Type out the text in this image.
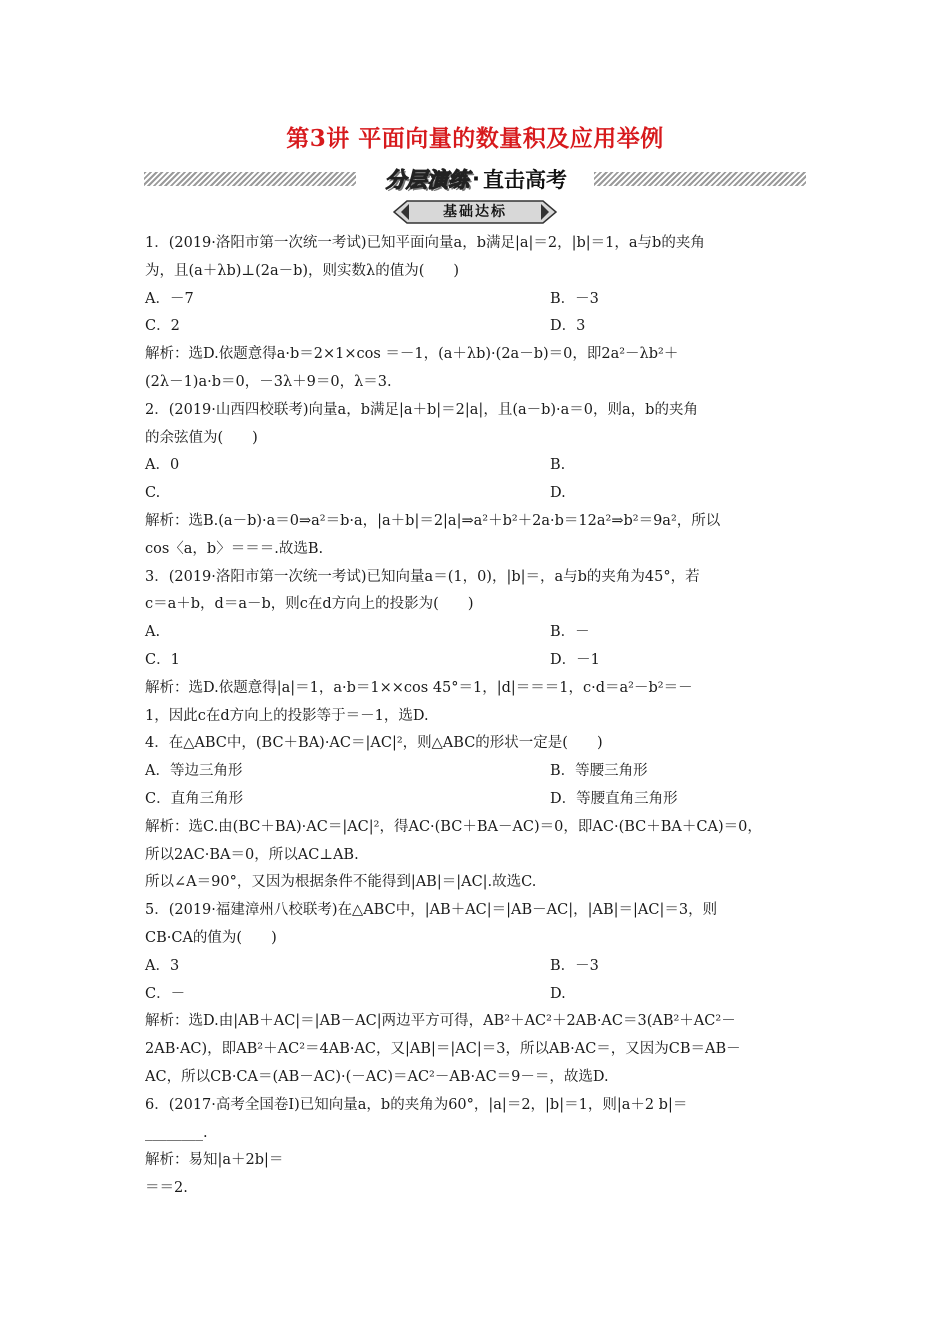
第3讲 平面向量的数量积及应用举例
分层演练 · 直击高考
基础达标
1．(2019·洛阳市第一次统一考试)已知平面向量a，b满足|a|＝2，|b|＝1，a与b的夹角
为，且(a＋λb)⊥(2a－b)，则实数λ的值为(　　)
A．－7	B．－3
C．2	D．3
解析：选D.依题意得a·b＝2×1×cos ＝－1，(a＋λb)·(2a－b)＝0，即2a²－λb²＋
(2λ－1)a·b＝0，－3λ＋9＝0，λ＝3.
2．(2019·山西四校联考)向量a，b满足|a＋b|＝2|a|，且(a－b)·a＝0，则a，b的夹角
的余弦值为(　　)
A．0	B.
C.	D.
解析：选B.(a－b)·a＝0⇒a²＝b·a，|a＋b|＝2|a|⇒a²＋b²＋2a·b＝12a²⇒b²＝9a²，所以
cos〈a，b〉＝＝＝.故选B.
3．(2019·洛阳市第一次统一考试)已知向量a＝(1，0)，|b|＝，a与b的夹角为45°，若
c＝a＋b，d＝a－b，则c在d方向上的投影为(　　)
A.	B．－
C．1	D．－1
解析：选D.依题意得|a|＝1，a·b＝1××cos 45°＝1，|d|＝＝＝1，c·d＝a²－b²＝－
1，因此c在d方向上的投影等于＝－1，选D.
4．在△ABC中，(BC＋BA)·AC＝|AC|²，则△ABC的形状一定是(　　)
A．等边三角形	B．等腰三角形
C．直角三角形	D．等腰直角三角形
解析：选C.由(BC＋BA)·AC＝|AC|²，得AC·(BC＋BA－AC)＝0，即AC·(BC＋BA＋CA)＝0，
所以2AC·BA＝0，所以AC⊥AB.
所以∠A＝90°，又因为根据条件不能得到|AB|＝|AC|.故选C.
5．(2019·福建漳州八校联考)在△ABC中，|AB＋AC|＝|AB－AC|，|AB|＝|AC|＝3，则
CB·CA的值为(　　)
A．3	B．－3
C．－	D.
解析：选D.由|AB＋AC|＝|AB－AC|两边平方可得，AB²＋AC²＋2AB·AC＝3(AB²＋AC²－
2AB·AC)，即AB²＋AC²＝4AB·AC，又|AB|＝|AC|＝3，所以AB·AC＝，又因为CB＝AB－
AC，所以CB·CA＝(AB－AC)·(－AC)＝AC²－AB·AC＝9－＝，故选D.
6．(2017·高考全国卷Ⅰ)已知向量a，b的夹角为60°，|a|＝2，|b|＝1，则|a＋2 b|＝
________.
解析：易知|a＋2b|＝
＝＝2.
